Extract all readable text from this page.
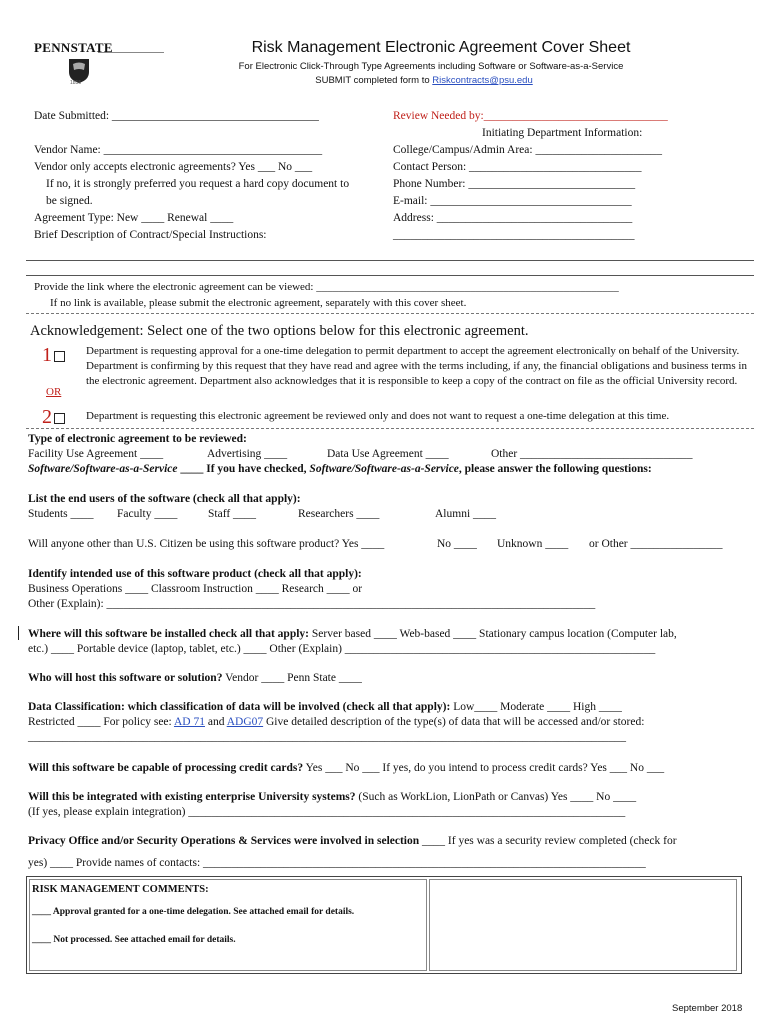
PENNSTATE
1855
Risk Management Electronic Agreement Cover Sheet
For Electronic Click-Through Type Agreements including Software or Software-as-a-Service
SUBMIT completed form to Riskcontracts@psu.edu
Date Submitted: ____________________________________
Vendor Name: ______________________________________
Vendor only accepts electronic agreements? Yes ___ No ___
If no, it is strongly preferred you request a hard copy document to
be signed.
Agreement Type: New ____ Renewal ____
Brief Description of Contract/Special Instructions:
Review Needed by:________________________________
Initiating Department Information:
College/Campus/Admin Area: ______________________
Contact Person: ______________________________
Phone Number: _____________________________
E-mail: ___________________________________
Address: __________________________________
__________________________________________
Provide the link where the electronic agreement can be viewed: _______________________________________________________
If no link is available, please submit the electronic agreement, separately with this cover sheet.
Acknowledgement: Select one of the two options below for this electronic agreement.
1	Department is requesting approval for a one-time delegation to permit department to accept the agreement electronically on behalf of the University. Department is confirming by this request that they have read and agree with the terms including, if any, the financial obligations and business terms in the electronic agreement. Department also acknowledges that it is responsible to keep a copy of the contract on file as the official University record.
OR
2	Department is requesting this electronic agreement be reviewed only and does not want to request a one-time delegation at this time.
Type of electronic agreement to be reviewed:
Facility Use Agreement ____	Advertising ____	Data Use Agreement ____	Other ______________________________
Software/Software-as-a-Service ____ If you have checked, Software/Software-as-a-Service, please answer the following questions:
List the end users of the software (check all that apply):
Students ____ Faculty ____	Staff ____	Researchers ____	Alumni ____
Will anyone other than U.S. Citizen be using this software product? Yes ____	No ____ Unknown ____ or Other ________________
Identify intended use of this software product (check all that apply):
Business Operations ____ Classroom Instruction ____ Research ____ or
Other (Explain): _____________________________________________________________________________________
Where will this software be installed check all that apply: Server based ____ Web-based ____ Stationary campus location (Computer lab,
etc.) ____ Portable device (laptop, tablet, etc.) ____ Other (Explain) ______________________________________________________
Who will host this software or solution? Vendor ____ Penn State ____
Data Classification: which classification of data will be involved (check all that apply): Low____ Moderate ____ High ____
Restricted ____ For policy see: AD 71 and ADG07 Give detailed description of the type(s) of data that will be accessed and/or stored:
________________________________________________________________________________________________________
Will this software be capable of processing credit cards? Yes ___ No ___ If yes, do you intend to process credit cards? Yes ___ No ___
Will this be integrated with existing enterprise University systems? (Such as WorkLion, LionPath or Canvas) Yes ____ No ____
(If yes, please explain integration) ____________________________________________________________________________
Privacy Office and/or Security Operations & Services were involved in selection ____ If yes was a security review completed (check for
yes) ____ Provide names of contacts: _____________________________________________________________________________
RISK MANAGEMENT COMMENTS:
____ Approval granted for a one-time delegation. See attached email for details.
____ Not processed. See attached email for details.
September 2018
